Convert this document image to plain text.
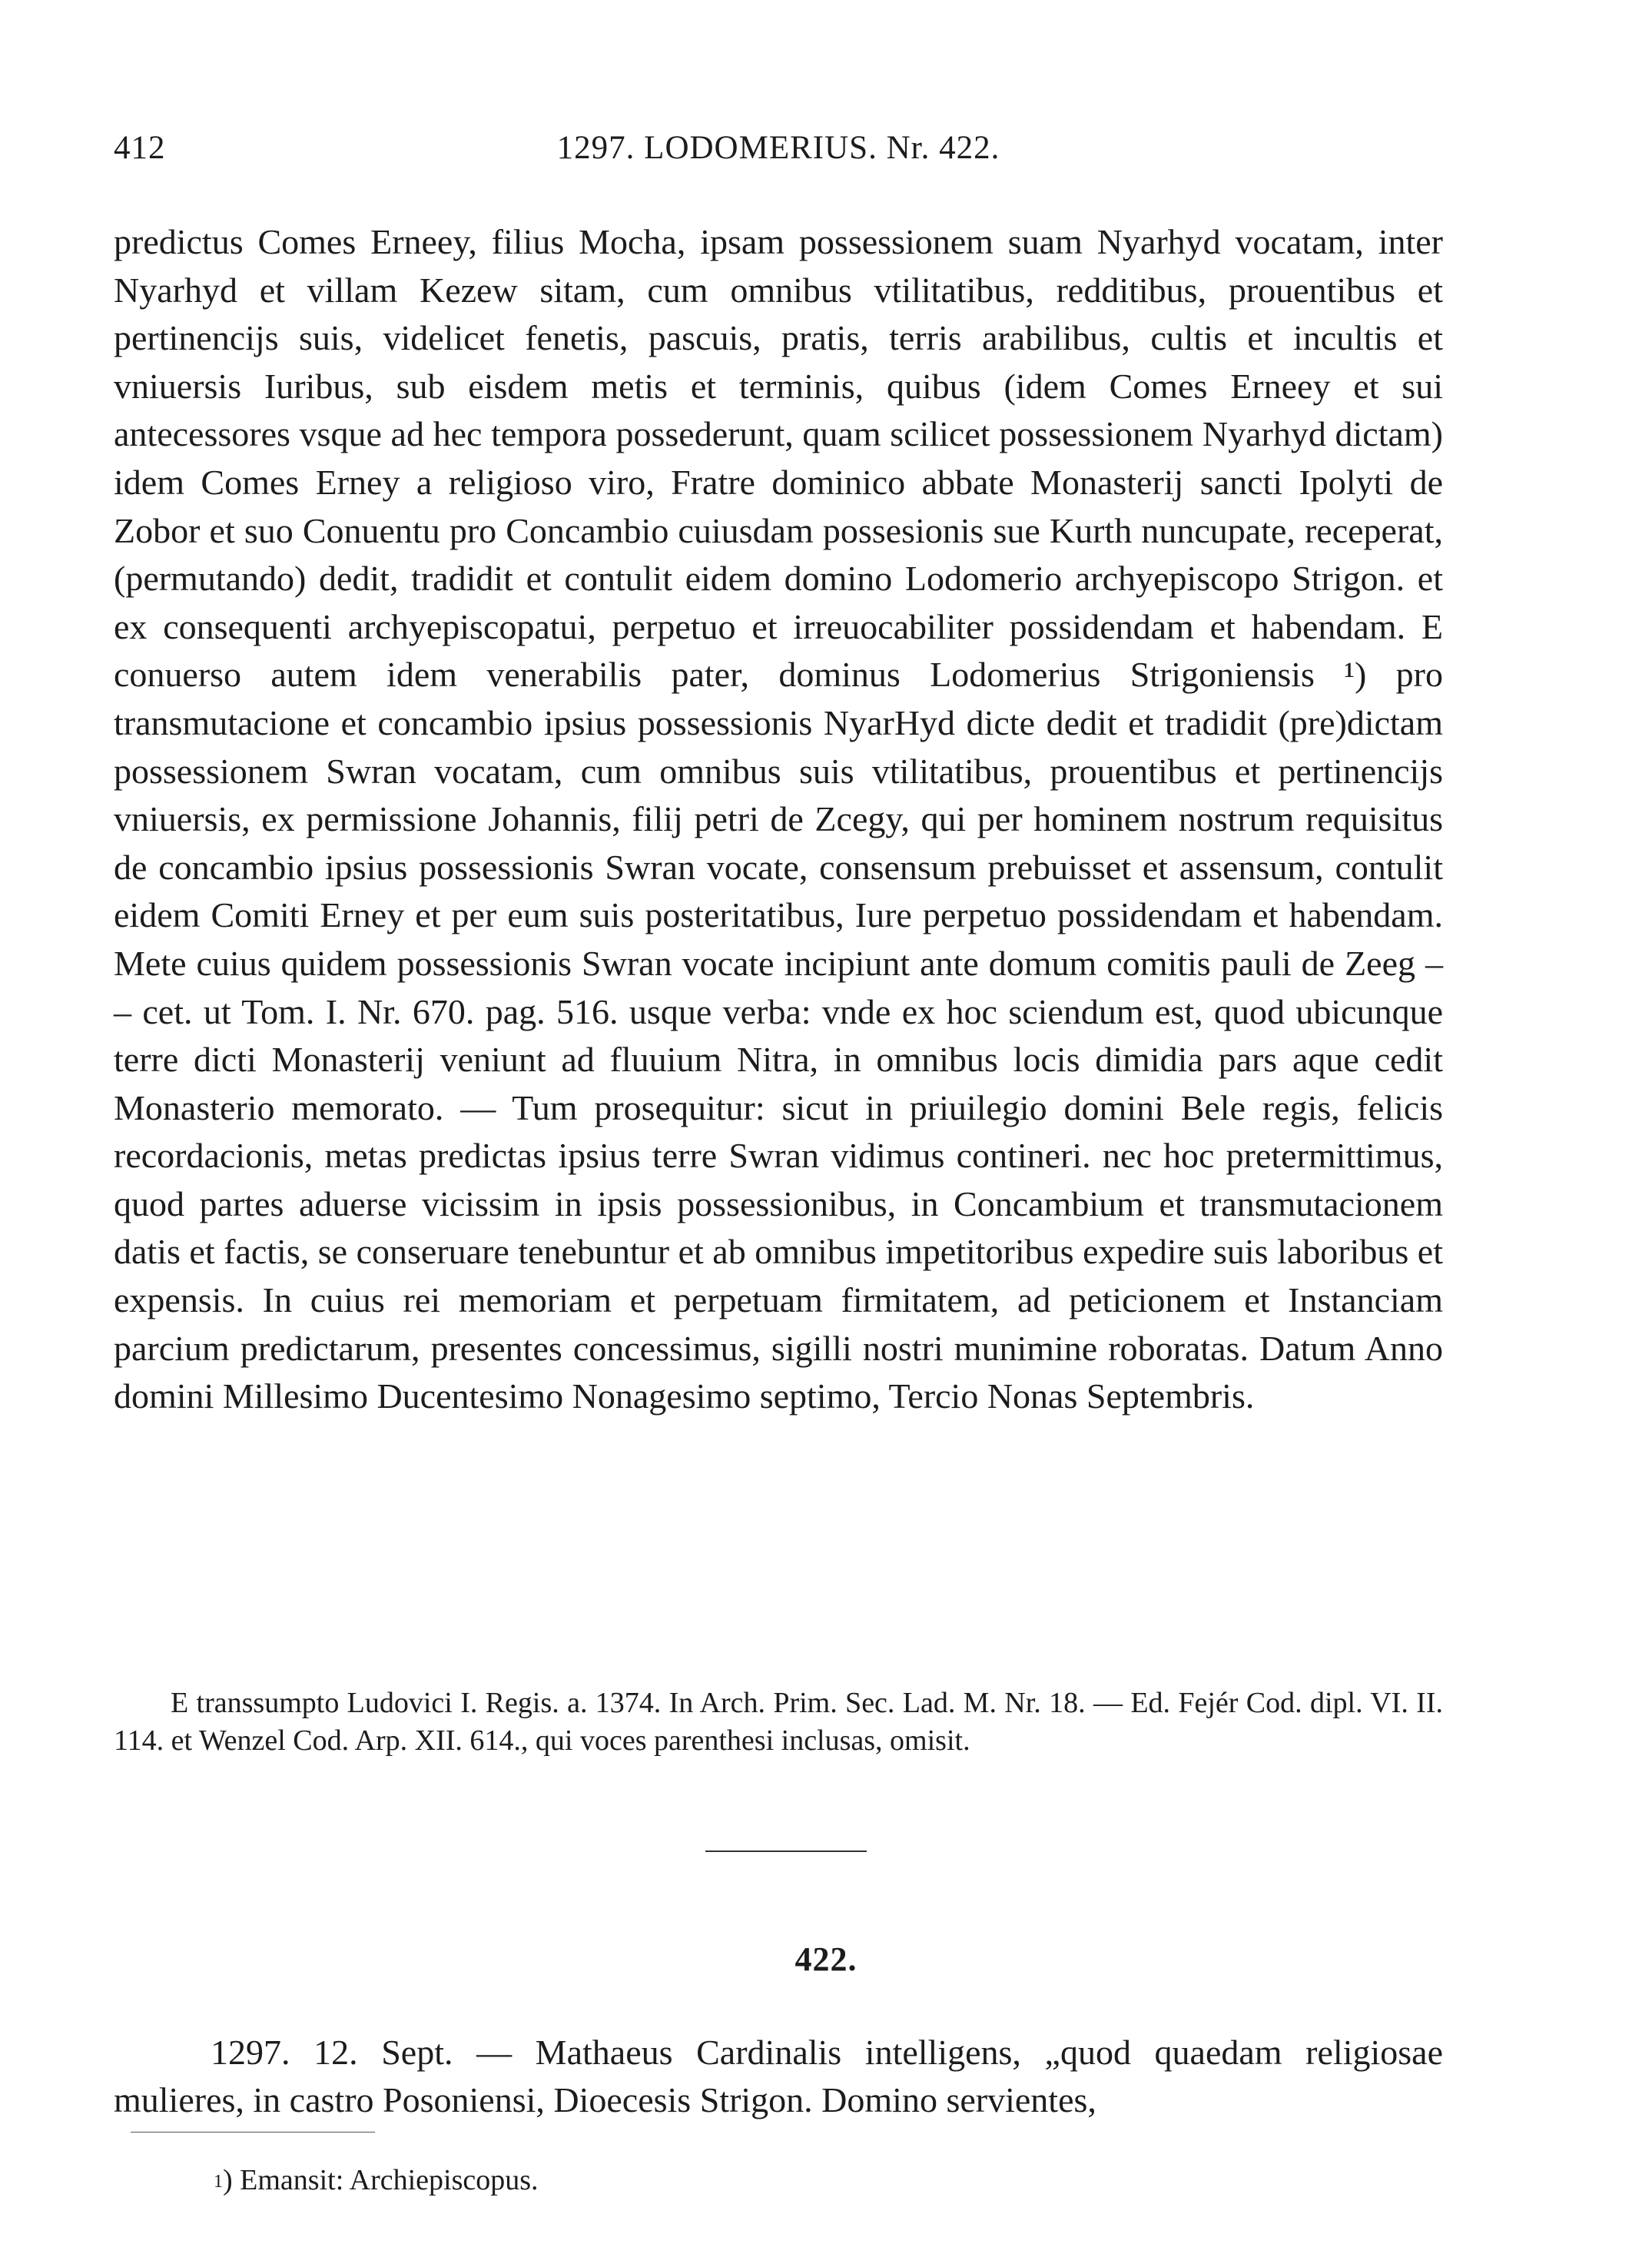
412	1297. LODOMERIUS. Nr. 422.

predictus Comes Erneey, filius Mocha, ipsam possessionem suam Nyarhyd vocatam, inter Nyarhyd et villam Kezew sitam, cum omnibus vtilitatibus, redditibus, prouentibus et pertinencijs suis, videlicet fenetis, pascuis, pratis, terris arabilibus, cultis et incultis et vniuersis Iuribus, sub eisdem metis et terminis, quibus (idem Comes Erneey et sui antecessores vsque ad hec tempora possederunt, quam scilicet possessionem Nyarhyd dictam) idem Comes Erney a religioso viro, Fratre dominico abbate Monasterij sancti Ipolyti de Zobor et suo Conuentu pro Concambio cuiusdam possesionis sue Kurth nuncupate, receperat, (permutando) dedit, tradidit et contulit eidem domino Lodomerio archyepiscopo Strigon. et ex consequenti archyepiscopatui, perpetuo et irreuocabiliter possidendam et habendam. E conuerso autem idem venerabilis pater, dominus Lodomerius Strigoniensis ¹) pro transmutacione et concambio ipsius possessionis NyarHyd dicte dedit et tradidit (pre)dictam possessionem Swran vocatam, cum omnibus suis vtilitatibus, prouentibus et pertinencijs vniuersis, ex permissione Johannis, filij petri de Zcegy, qui per hominem nostrum requisitus de concambio ipsius possessionis Swran vocate, consensum prebuisset et assensum, contulit eidem Comiti Erney et per eum suis posteritatibus, Iure perpetuo possidendam et habendam. Mete cuius quidem possessionis Swran vocate incipiunt ante domum comitis pauli de Zeeg – – cet. ut Tom. I. Nr. 670. pag. 516. usque verba: vnde ex hoc sciendum est, quod ubicunque terre dicti Monasterij veniunt ad fluuium Nitra, in omnibus locis dimidia pars aque cedit Monasterio memorato. — Tum prosequitur: sicut in priuilegio domini Bele regis, felicis recordacionis, metas predictas ipsius terre Swran vidimus contineri. nec hoc pretermittimus, quod partes aduerse vicissim in ipsis possessionibus, in Concambium et transmutacionem datis et factis, se conseruare tenebuntur et ab omnibus impetitoribus expedire suis laboribus et expensis. In cuius rei memoriam et perpetuam firmitatem, ad peticionem et Instanciam parcium predictarum, presentes concessimus, sigilli nostri munimine roboratas. Datum Anno domini Millesimo Ducentesimo Nonagesimo septimo, Tercio Nonas Septembris.

E transsumpto Ludovici I. Regis. a. 1374. In Arch. Prim. Sec. Lad. M. Nr. 18. — Ed. Fejér Cod. dipl. VI. II. 114. et Wenzel Cod. Arp. XII. 614., qui voces parenthesi inclusas, omisit.
422.

1297. 12. Sept. — Mathaeus Cardinalis intelligens, „quod quaedam religiosae mulieres, in castro Posoniensi, Dioecesis Strigon. Domino servientes,

$^1$) Emansit: Archiepiscopus.
